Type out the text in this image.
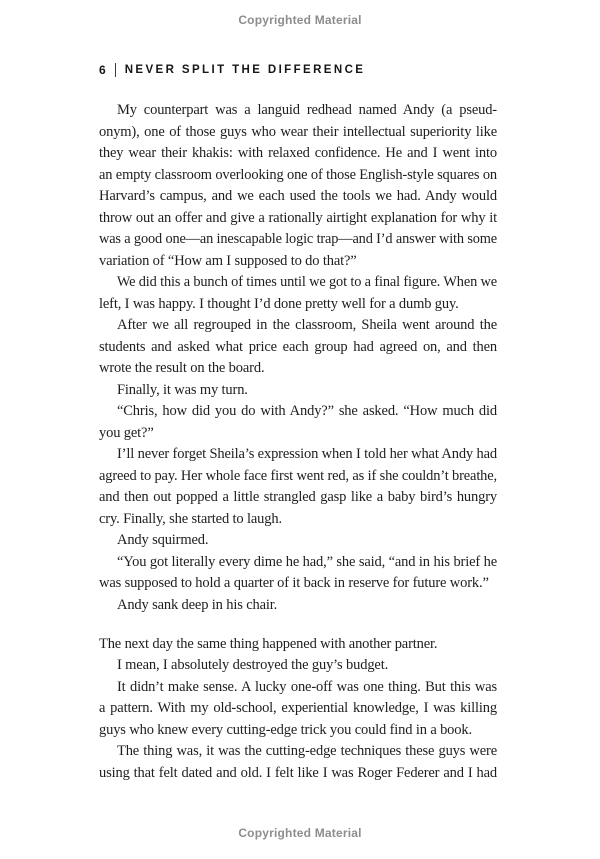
Copyrighted Material
6 NEVER SPLIT THE DIFFERENCE
My counterpart was a languid redhead named Andy (a pseud-
onym), one of those guys who wear their intellectual superiority like
they wear their khakis: with relaxed confidence. He and I went into
an empty classroom overlooking one of those English-style squares on
Harvard’s campus, and we each used the tools we had. Andy would
throw out an offer and give a rationally airtight explanation for why it
was a good one—an inescapable logic trap—and I’d answer with some
variation of “How am I supposed to do that?”
We did this a bunch of times until we got to a final figure. When we
left, I was happy. I thought I’d done pretty well for a dumb guy.
After we all regrouped in the classroom, Sheila went around the
students and asked what price each group had agreed on, and then
wrote the result on the board.
Finally, it was my turn.
“Chris, how did you do with Andy?” she asked. “How much did
you get?”
I’ll never forget Sheila’s expression when I told her what Andy had
agreed to pay. Her whole face first went red, as if she couldn’t breathe,
and then out popped a little strangled gasp like a baby bird’s hungry
cry. Finally, she started to laugh.
Andy squirmed.
“You got literally every dime he had,” she said, “and in his brief he
was supposed to hold a quarter of it back in reserve for future work.”
Andy sank deep in his chair.
The next day the same thing happened with another partner.
I mean, I absolutely destroyed the guy’s budget.
It didn’t make sense. A lucky one-off was one thing. But this was
a pattern. With my old-school, experiential knowledge, I was killing
guys who knew every cutting-edge trick you could find in a book.
The thing was, it was the cutting-edge techniques these guys were
using that felt dated and old. I felt like I was Roger Federer and I had
Copyrighted Material
